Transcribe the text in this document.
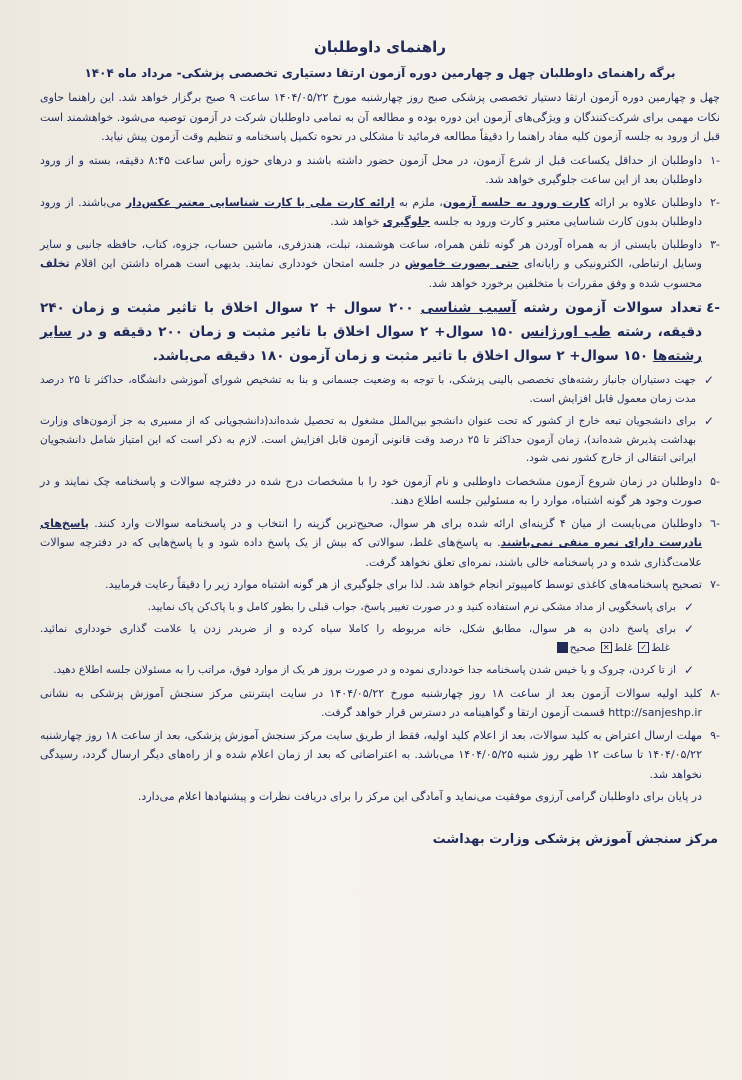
راهنمای داوطلبان
برگه راهنمای داوطلبان چهل و چهارمین دوره آزمون ارتقا دستیاری تخصصی پزشکی- مرداد ماه ۱۴۰۴

چهل و چهارمین دوره آزمون ارتقا دستیار تخصصی پزشکی صبح روز چهارشنبه مورخ ۱۴۰۴/۰۵/۲۲ ساعت ۹ صبح برگزار خواهد شد. این راهنما حاوی نکات مهمی برای شرکت‌کنندگان و ویژگی‌های آزمون این دوره بوده و مطالعه آن به تمامی داوطلبان شرکت در آزمون توصیه می‌شود. خواهشمند است قبل از ورود به جلسه آزمون کلیه مفاد راهنما را دقیقاً مطالعه فرمائید تا مشکلی در نحوه تکمیل پاسخنامه و تنظیم وقت آزمون پیش نیاید.

-۱
داوطلبان از حداقل یکساعت قبل از شرع آزمون، در محل آزمون حضور داشته باشند و درهای حوزه رأس ساعت ۸:۴۵ دقیقه، بسته و از ورود داوطلبان بعد از این ساعت جلوگیری خواهد شد.
-۲
داوطلبان علاوه بر ارائه کارت ورود به جلسه آزمون، ملزم به ارائه کارت ملی یا کارت شناسایی معتبر عکس‌دار می‌باشند. از ورود داوطلبان بدون کارت شناسایی معتبر و کارت ورود به جلسه جلوگیری خواهد شد.
-۳
داوطلبان بایستی از به همراه آوردن هر گونه تلفن همراه، ساعت هوشمند، تبلت، هندزفری، ماشین حساب، جزوه، کتاب، حافظه جانبی و سایر وسایل ارتباطی، الکترونیکی و رایانه‌ای حتی بصورت خاموش در جلسه امتحان خودداری نمایند. بدیهی است همراه داشتن این اقلام تخلف محسوب شده و وفق مقررات با متخلفین برخورد خواهد شد.
-٤
تعداد سوالات آزمون رشته آسیب شناسی ۲۰۰ سوال + ۲ سوال اخلاق با تاثیر مثبت و زمان ۲۴۰ دقیقه، رشته طب اورژانس ۱۵۰ سوال+ ۲ سوال اخلاق با تاثیر مثبت و زمان ۲۰۰ دقیقه و در سایر رشته‌ها ۱۵۰ سوال+ ۲ سوال اخلاق با تاثیر مثبت و زمان آزمون ۱۸۰ دقیقه می‌باشد.
✓
جهت دستیاران جانباز رشته‌های تخصصی بالینی پزشکی، با توجه به وضعیت جسمانی و بنا به تشخیص شورای آموزشی دانشگاه، حداکثر تا ۲۵ درصد مدت زمان معمول قابل افزایش است.
✓
برای دانشجویان تبعه خارج از کشور که تحت عنوان دانشجو بین‌الملل مشغول به تحصیل شده‌اند(دانشجویانی که از مسیری به جز آزمون‌های وزارت بهداشت پذیرش شده‌اند)، زمان آزمون حداکثر تا ۲۵ درصد وقت قانونی آزمون قابل افزایش است. لازم به ذکر است که این امتیاز شامل دانشجویان ایرانی انتقالی از خارج کشور نمی شود.
-۵
داوطلبان در زمان شروع آزمون مشخصات داوطلبی و نام آزمون خود را با مشخصات درج شده در دفترچه سوالات و پاسخنامه چک نمایند و در صورت وجود هر گونه اشتباه، موارد را به مسئولین جلسه اطلاع دهند.
-٦
داوطلبان می‌بایست از میان ۴ گزینه‌ای ارائه شده برای هر سوال، صحیح‌ترین گزینه را انتخاب و در پاسخنامه سوالات وارد کنند. پاسخ‌های نادرست دارای نمره منفی نمی‌باشند. به پاسخ‌های غلط، سوالاتی که بیش از یک پاسخ داده شود و یا پاسخ‌هایی که در دفترچه سوالات علامت‌گذاری شده و در پاسخنامه خالی باشند، نمره‌ای تعلق نخواهد گرفت.
-۷
تصحیح پاسخنامه‌های کاغذی توسط کامپیوتر انجام خواهد شد. لذا برای جلوگیری از هر گونه اشتباه موارد زیر را دقیقاً رعایت فرمایید.
✓
برای پاسخگویی از مداد مشکی نرم استفاده کنید و در صورت تغییر پاسخ، جواب قبلی را بطور کامل و با پاک‌کن پاک نمایید.
✓
برای پاسخ دادن به هر سوال، مطابق شکل، خانه مربوطه را کاملا سیاه کرده و از ضربدر زدن یا علامت گذاری خودداری نمائید. غلط✓ غلط✕ صحیح
✓
از تا کردن، چروک و یا خیس شدن پاسخنامه جدا خودداری نموده و در صورت بروز هر یک از موارد فوق، مراتب را به مسئولان جلسه اطلاع دهید.
-۸
کلید اولیه سوالات آزمون بعد از ساعت ۱۸ روز چهارشنبه مورخ ۱۴۰۴/۰۵/۲۲ در سایت اینترنتی مرکز سنجش آموزش پزشکی به نشانی http://sanjeshp.ir قسمت آزمون ارتقا و گواهینامه در دسترس قرار خواهد گرفت.
-۹
مهلت ارسال اعتراض به کلید سوالات، بعد از اعلام کلید اولیه، فقط از طریق سایت مرکز سنجش آموزش پزشکی، بعد از ساعت ۱۸ روز چهارشنبه ۱۴۰۴/۰۵/۲۲ تا ساعت ۱۲ ظهر روز شنبه ۱۴۰۴/۰۵/۲۵ می‌باشد. به اعتراضاتی که بعد از زمان اعلام شده و از راه‌های دیگر ارسال گردد، رسیدگی نخواهد شد.
در پایان برای داوطلبان گرامی آرزوی موفقیت می‌نماید و آمادگی این مرکز را برای دریافت نظرات و پیشنهادها اعلام می‌دارد.
مرکز سنجش آموزش پزشکی وزارت بهداشت
